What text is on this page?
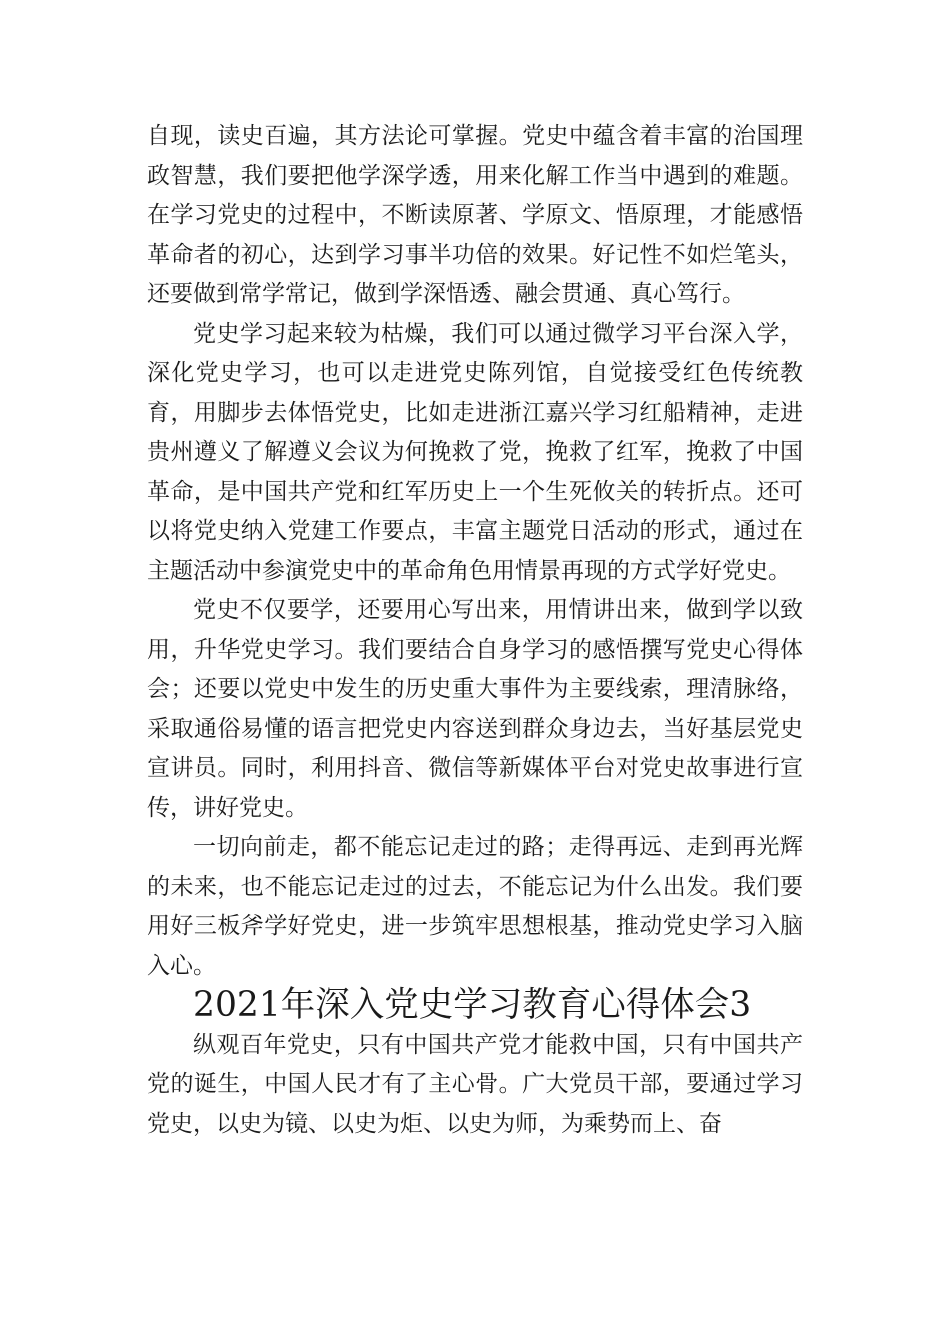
自现，读史百遍，其方法论可掌握。党史中蕴含着丰富的治国理政智慧，我们要把他学深学透，用来化解工作当中遇到的难题。在学习党史的过程中，不断读原著、学原文、悟原理，才能感悟革命者的初心，达到学习事半功倍的效果。好记性不如烂笔头，还要做到常学常记，做到学深悟透、融会贯通、真心笃行。

党史学习起来较为枯燥，我们可以通过微学习平台深入学，深化党史学习，也可以走进党史陈列馆，自觉接受红色传统教育，用脚步去体悟党史，比如走进浙江嘉兴学习红船精神，走进贵州遵义了解遵义会议为何挽救了党，挽救了红军，挽救了中国革命，是中国共产党和红军历史上一个生死攸关的转折点。还可以将党史纳入党建工作要点，丰富主题党日活动的形式，通过在主题活动中参演党史中的革命角色用情景再现的方式学好党史。

党史不仅要学，还要用心写出来，用情讲出来，做到学以致用，升华党史学习。我们要结合自身学习的感悟撰写党史心得体会；还要以党史中发生的历史重大事件为主要线索，理清脉络，采取通俗易懂的语言把党史内容送到群众身边去，当好基层党史宣讲员。同时，利用抖音、微信等新媒体平台对党史故事进行宣传，讲好党史。

一切向前走，都不能忘记走过的路；走得再远、走到再光辉的未来，也不能忘记走过的过去，不能忘记为什么出发。我们要用好三板斧学好党史，进一步筑牢思想根基，推动党史学习入脑入心。

2021年深入党史学习教育心得体会3

纵观百年党史，只有中国共产党才能救中国，只有中国共产党的诞生，中国人民才有了主心骨。广大党员干部，要通过学习党史，以史为镜、以史为炬、以史为师，为乘势而上、奋
